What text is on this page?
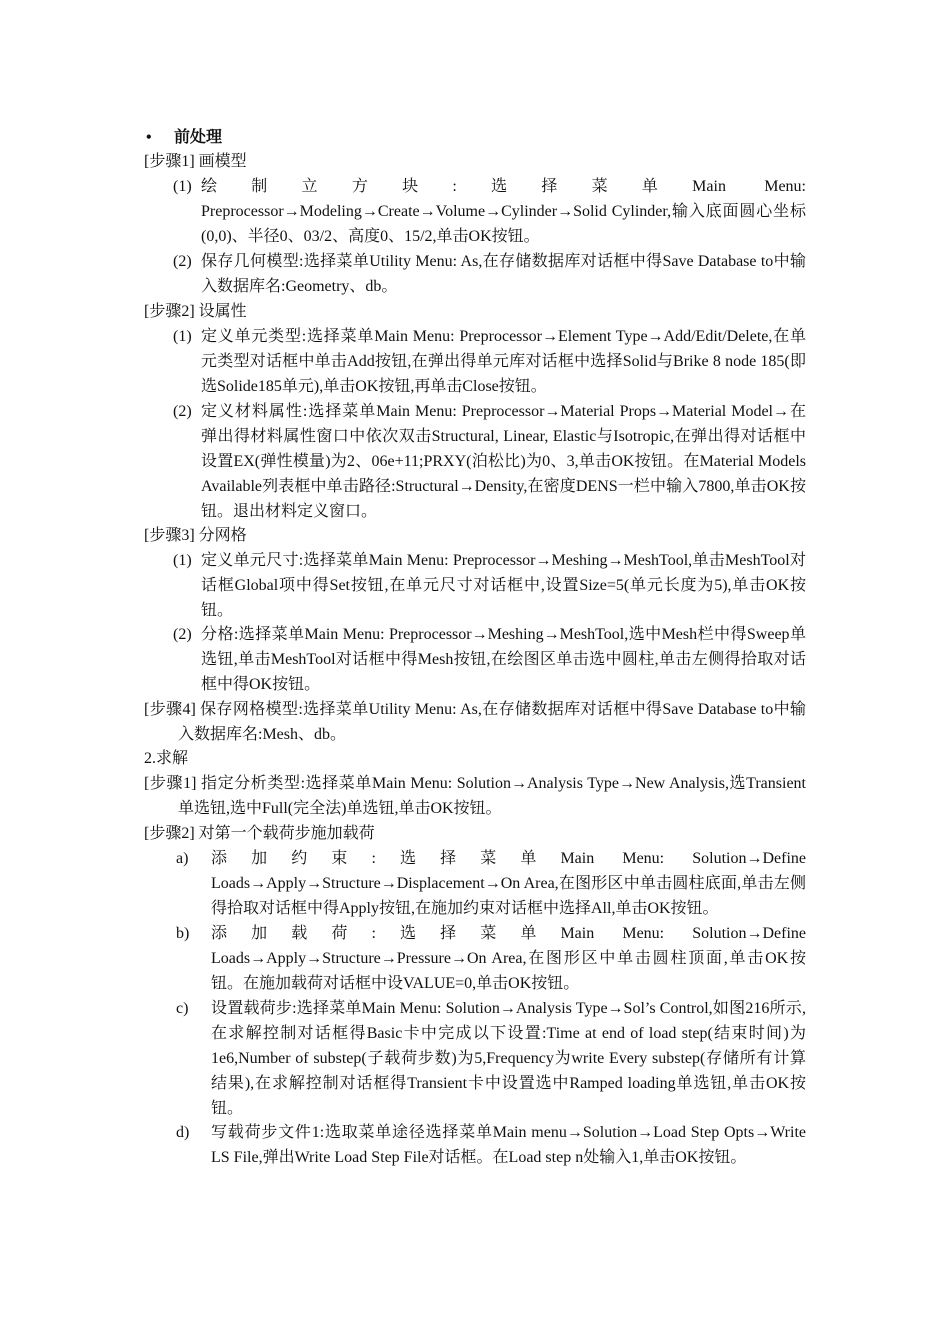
• 前处理
[步骤1] 画模型
(1) 绘制立方块:选择菜单Main Menu: Preprocessor→Modeling→Create→Volume→Cylinder→Solid Cylinder,输入底面圆心坐标(0,0)、半径0、03/2、高度0、15/2,单击OK按钮。
(2) 保存几何模型:选择菜单Utility Menu: As,在存储数据库对话框中得Save Database to中输入数据库名:Geometry、db。
[步骤2] 设属性
(1) 定义单元类型:选择菜单Main Menu: Preprocessor→Element Type→Add/Edit/Delete,在单元类型对话框中单击Add按钮,在弹出得单元库对话框中选择Solid与Brike 8 node 185(即选Solide185单元),单击OK按钮,再单击Close按钮。
(2) 定义材料属性:选择菜单Main Menu: Preprocessor→Material Props→Material Model→在弹出得材料属性窗口中依次双击Structural, Linear, Elastic与Isotropic,在弹出得对话框中设置EX(弹性模量)为2、06e+11;PRXY(泊松比)为0、3,单击OK按钮。在Material Models Available列表框中单击路径:Structural→Density,在密度DENS一栏中输入7800,单击OK按钮。退出材料定义窗口。
[步骤3] 分网格
(1) 定义单元尺寸:选择菜单Main Menu: Preprocessor→Meshing→MeshTool,单击MeshTool对话框Global项中得Set按钮,在单元尺寸对话框中,设置Size=5(单元长度为5),单击OK按钮。
(2) 分格:选择菜单Main Menu: Preprocessor→Meshing→MeshTool,选中Mesh栏中得Sweep单选钮,单击MeshTool对话框中得Mesh按钮,在绘图区单击选中圆柱,单击左侧得拾取对话框中得OK按钮。
[步骤4] 保存网格模型:选择菜单Utility Menu: As,在存储数据库对话框中得Save Database to中输入数据库名:Mesh、db。
2.求解
[步骤1] 指定分析类型:选择菜单Main Menu: Solution→Analysis Type→New Analysis,选Transient单选钮,选中Full(完全法)单选钮,单击OK按钮。
[步骤2] 对第一个载荷步施加载荷
a) 添加约束:选择菜单Main Menu: Solution→Define Loads→Apply→Structure→Displacement→On Area,在图形区中单击圆柱底面,单击左侧得拾取对话框中得Apply按钮,在施加约束对话框中选择All,单击OK按钮。
b) 添加载荷:选择菜单Main Menu: Solution→Define Loads→Apply→Structure→Pressure→On Area,在图形区中单击圆柱顶面,单击OK按钮。在施加载荷对话框中设VALUE=0,单击OK按钮。
c) 设置载荷步:选择菜单Main Menu: Solution→Analysis Type→Sol’s Control,如图216所示,在求解控制对话框得Basic卡中完成以下设置:Time at end of load step(结束时间)为1e6,Number of substep(子载荷步数)为5,Frequency为write Every substep(存储所有计算结果),在求解控制对话框得Transient卡中设置选中Ramped loading单选钮,单击OK按钮。
d) 写载荷步文件1:选取菜单途径选择菜单Main menu→Solution→Load Step Opts→Write LS File,弹出Write Load Step File对话框。在Load step n处输入1,单击OK按钮。
